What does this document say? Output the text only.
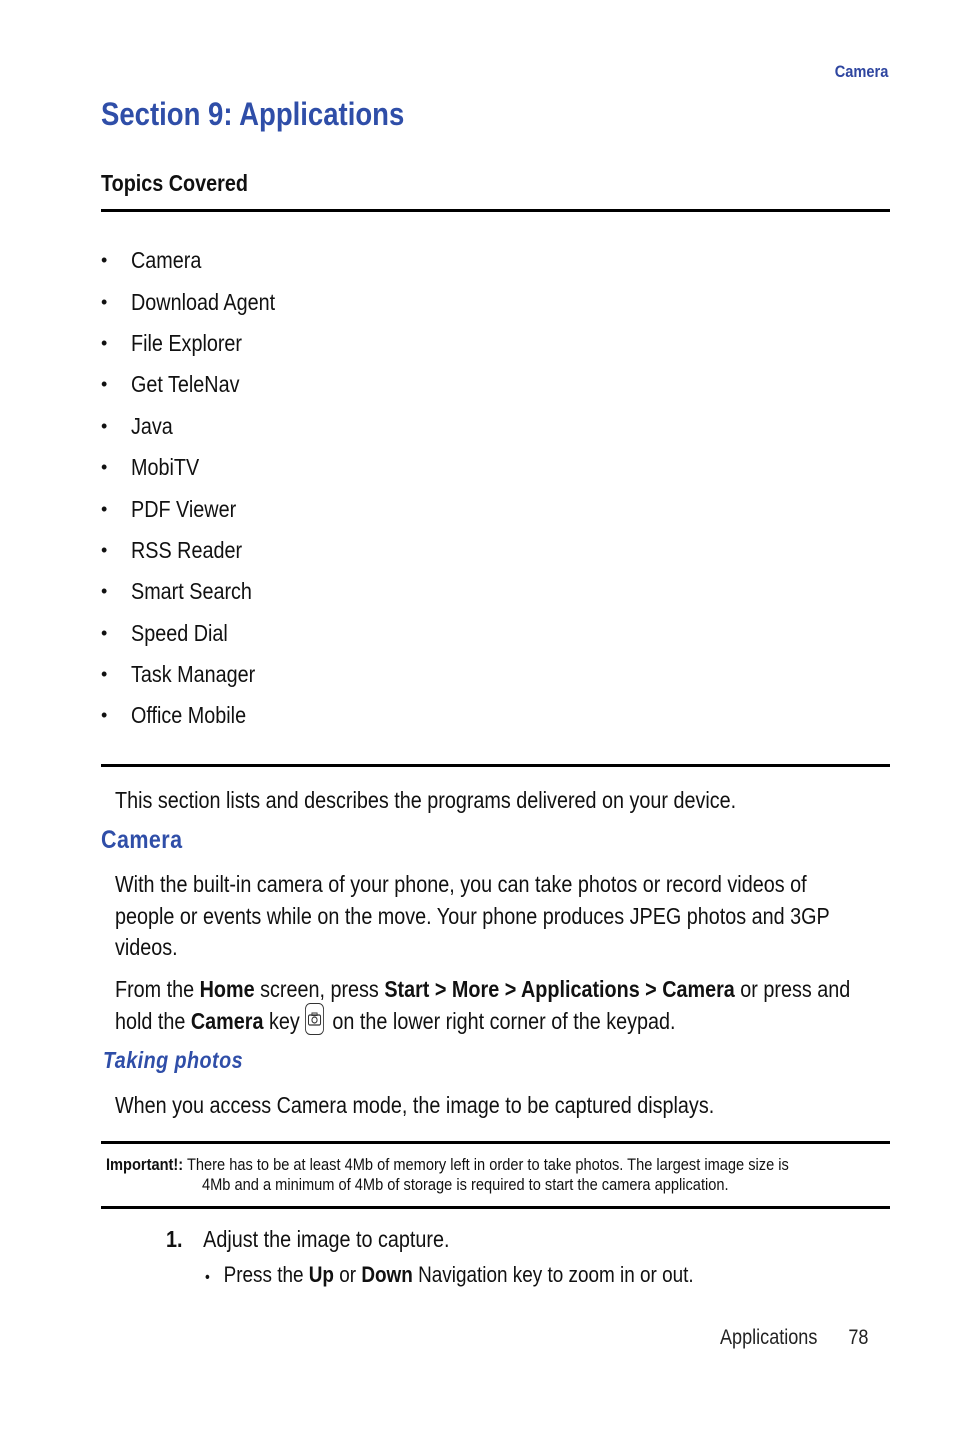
Camera
Section 9: Applications
Topics Covered
•	Camera
•	Download Agent
•	File Explorer
•	Get TeleNav
•	Java
•	MobiTV
•	PDF Viewer
•	RSS Reader
•	Smart Search
•	Speed Dial
•	Task Manager
•	Office Mobile
This section lists and describes the programs delivered on your device.
Camera
With the built-in camera of your phone, you can take photos or record videos of
people or events while on the move. Your phone produces JPEG photos and 3GP
videos.
From the Home screen, press Start > More > Applications > Camera or press and
hold the Camera key on the lower right corner of the keypad.
Taking photos
When you access Camera mode, the image to be captured displays.
Important!: There has to be at least 4Mb of memory left in order to take photos. The largest image size is
4Mb and a minimum of 4Mb of storage is required to start the camera application.
1. Adjust the image to capture.
• Press the Up or Down Navigation key to zoom in or out.
Applications 78
